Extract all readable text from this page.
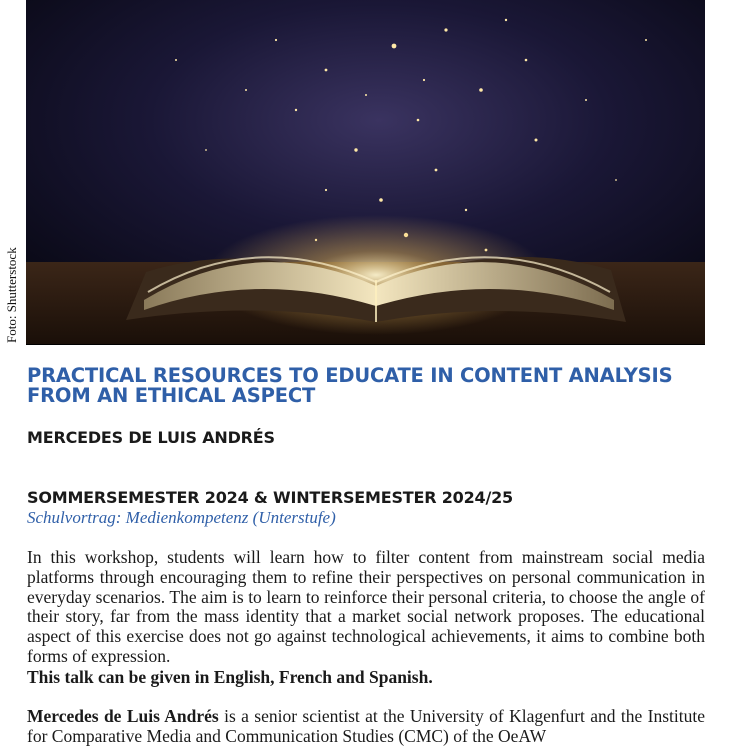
Foto: Shutterstock
PRACTICAL RESOURCES TO EDUCATE IN CONTENT ANALYSIS FROM AN ETHICAL ASPECT
MERCEDES DE LUIS ANDRÉS
SOMMERSEMESTER 2024 & WINTERSEMESTER 2024/25

Schulvortrag: Medienkompetenz (Unterstufe)

In this workshop, students will learn how to filter content from mainstream social media platforms through encouraging them to refine their perspectives on personal communication in everyday scenarios. The aim is to learn to reinforce their personal criteria, to choose the angle of their story, far from the mass identity that a market social network proposes. The educational aspect of this exercise does not go against technological achievements, it aims to combine both forms of expression.

This talk can be given in English, French and Spanish.

Mercedes de Luis Andrés is a senior scientist at the University of Klagenfurt and the Institute for Comparative Media and Communication Studies (CMC) of the OeAW
